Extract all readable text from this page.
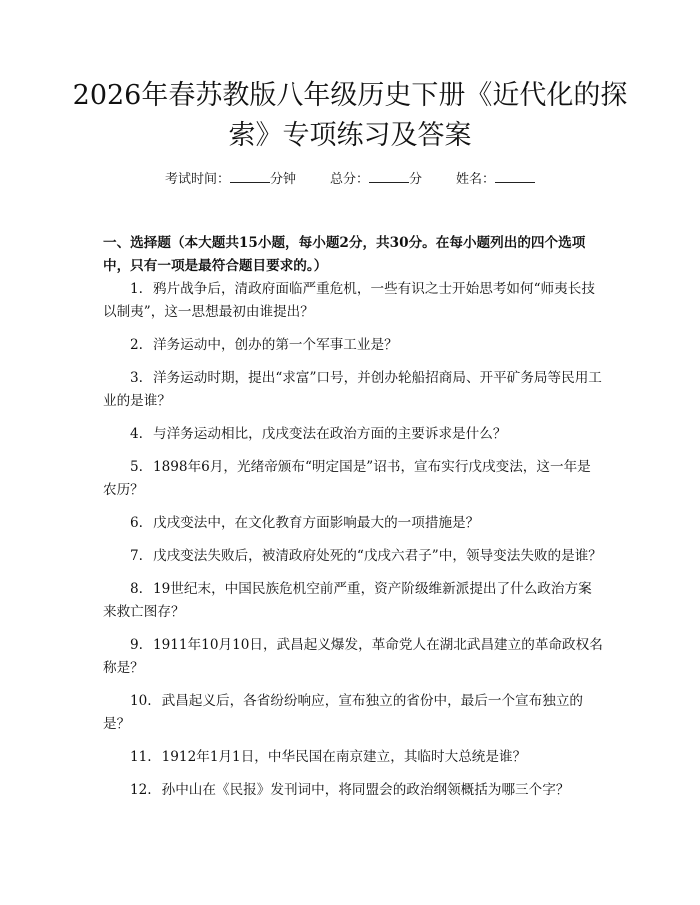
2026年春苏教版八年级历史下册《近代化的探索》专项练习及答案
考试时间：	分钟	总分：	分	姓名：

一、选择题（本大题共15小题，每小题2分，共30分。在每小题列出的四个选项中，只有一项是最符合题目要求的。）

1. 鸦片战争后，清政府面临严重危机，一些有识之士开始思考如何“师夷长技以制夷”，这一思想最初由谁提出？
2. 洋务运动中，创办的第一个军事工业是？
3. 洋务运动时期，提出“求富”口号，并创办轮船招商局、开平矿务局等民用工业的是谁？
4. 与洋务运动相比，戊戌变法在政治方面的主要诉求是什么？
5. 1898年6月，光绪帝颁布“明定国是”诏书，宣布实行戊戌变法，这一年是农历？
6. 戊戌变法中，在文化教育方面影响最大的一项措施是？
7. 戊戌变法失败后，被清政府处死的“戊戌六君子”中，领导变法失败的是谁？
8. 19世纪末，中国民族危机空前严重，资产阶级维新派提出了什么政治方案来救亡图存？
9. 1911年10月10日，武昌起义爆发，革命党人在湖北武昌建立的革命政权名称是？
10. 武昌起义后，各省纷纷响应，宣布独立的省份中，最后一个宣布独立的是？
11. 1912年1月1日，中华民国在南京建立，其临时大总统是谁？
12. 孙中山在《民报》发刊词中，将同盟会的政治纲领概括为哪三个字？
